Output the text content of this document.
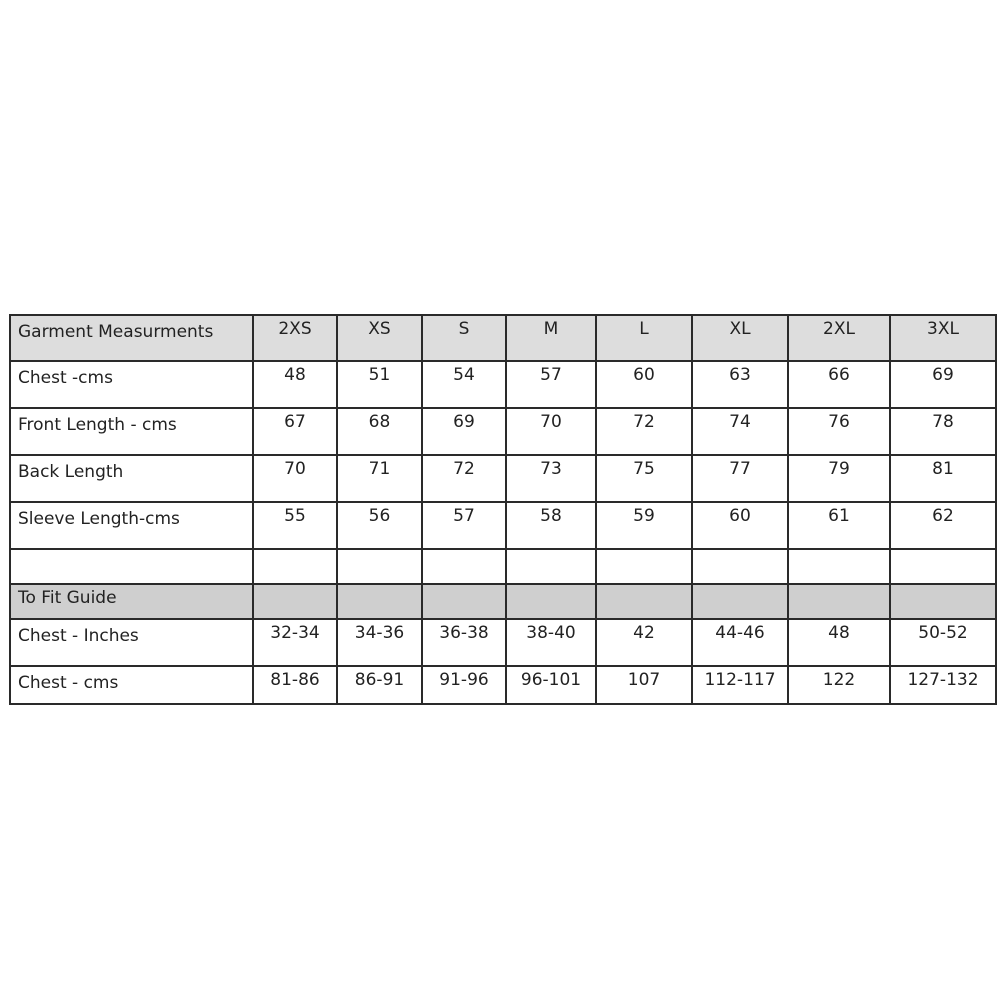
Garment Measurments	2XS	XS	S	M	L	XL	2XL	3XL
Chest -cms	48	51	54	57	60	63	66	69
Front Length - cms	67	68	69	70	72	74	76	78
Back Length	70	71	72	73	75	77	79	81
Sleeve Length-cms	55	56	57	58	59	60	61	62

To Fit Guide								
Chest - Inches	32-34	34-36	36-38	38-40	42	44-46	48	50-52
Chest - cms	81-86	86-91	91-96	96-101	107	112-117	122	127-132
